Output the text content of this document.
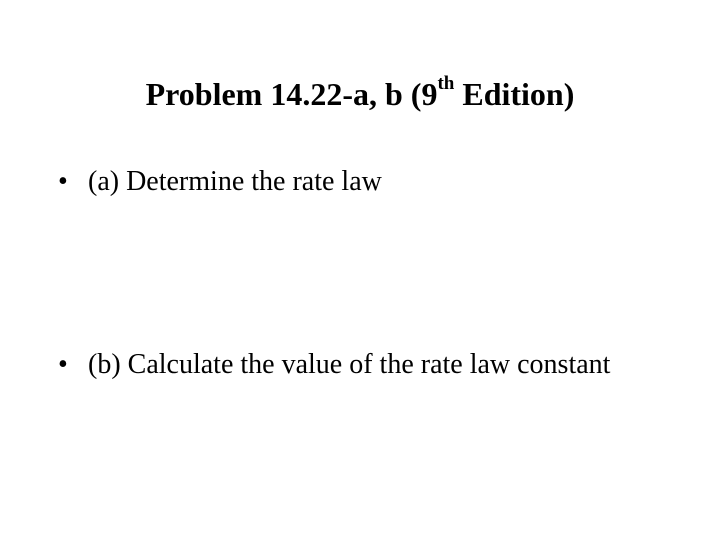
Problem 14.22-a, b (9th Edition)
• (a) Determine the rate law
• (b) Calculate the value of the rate law constant
